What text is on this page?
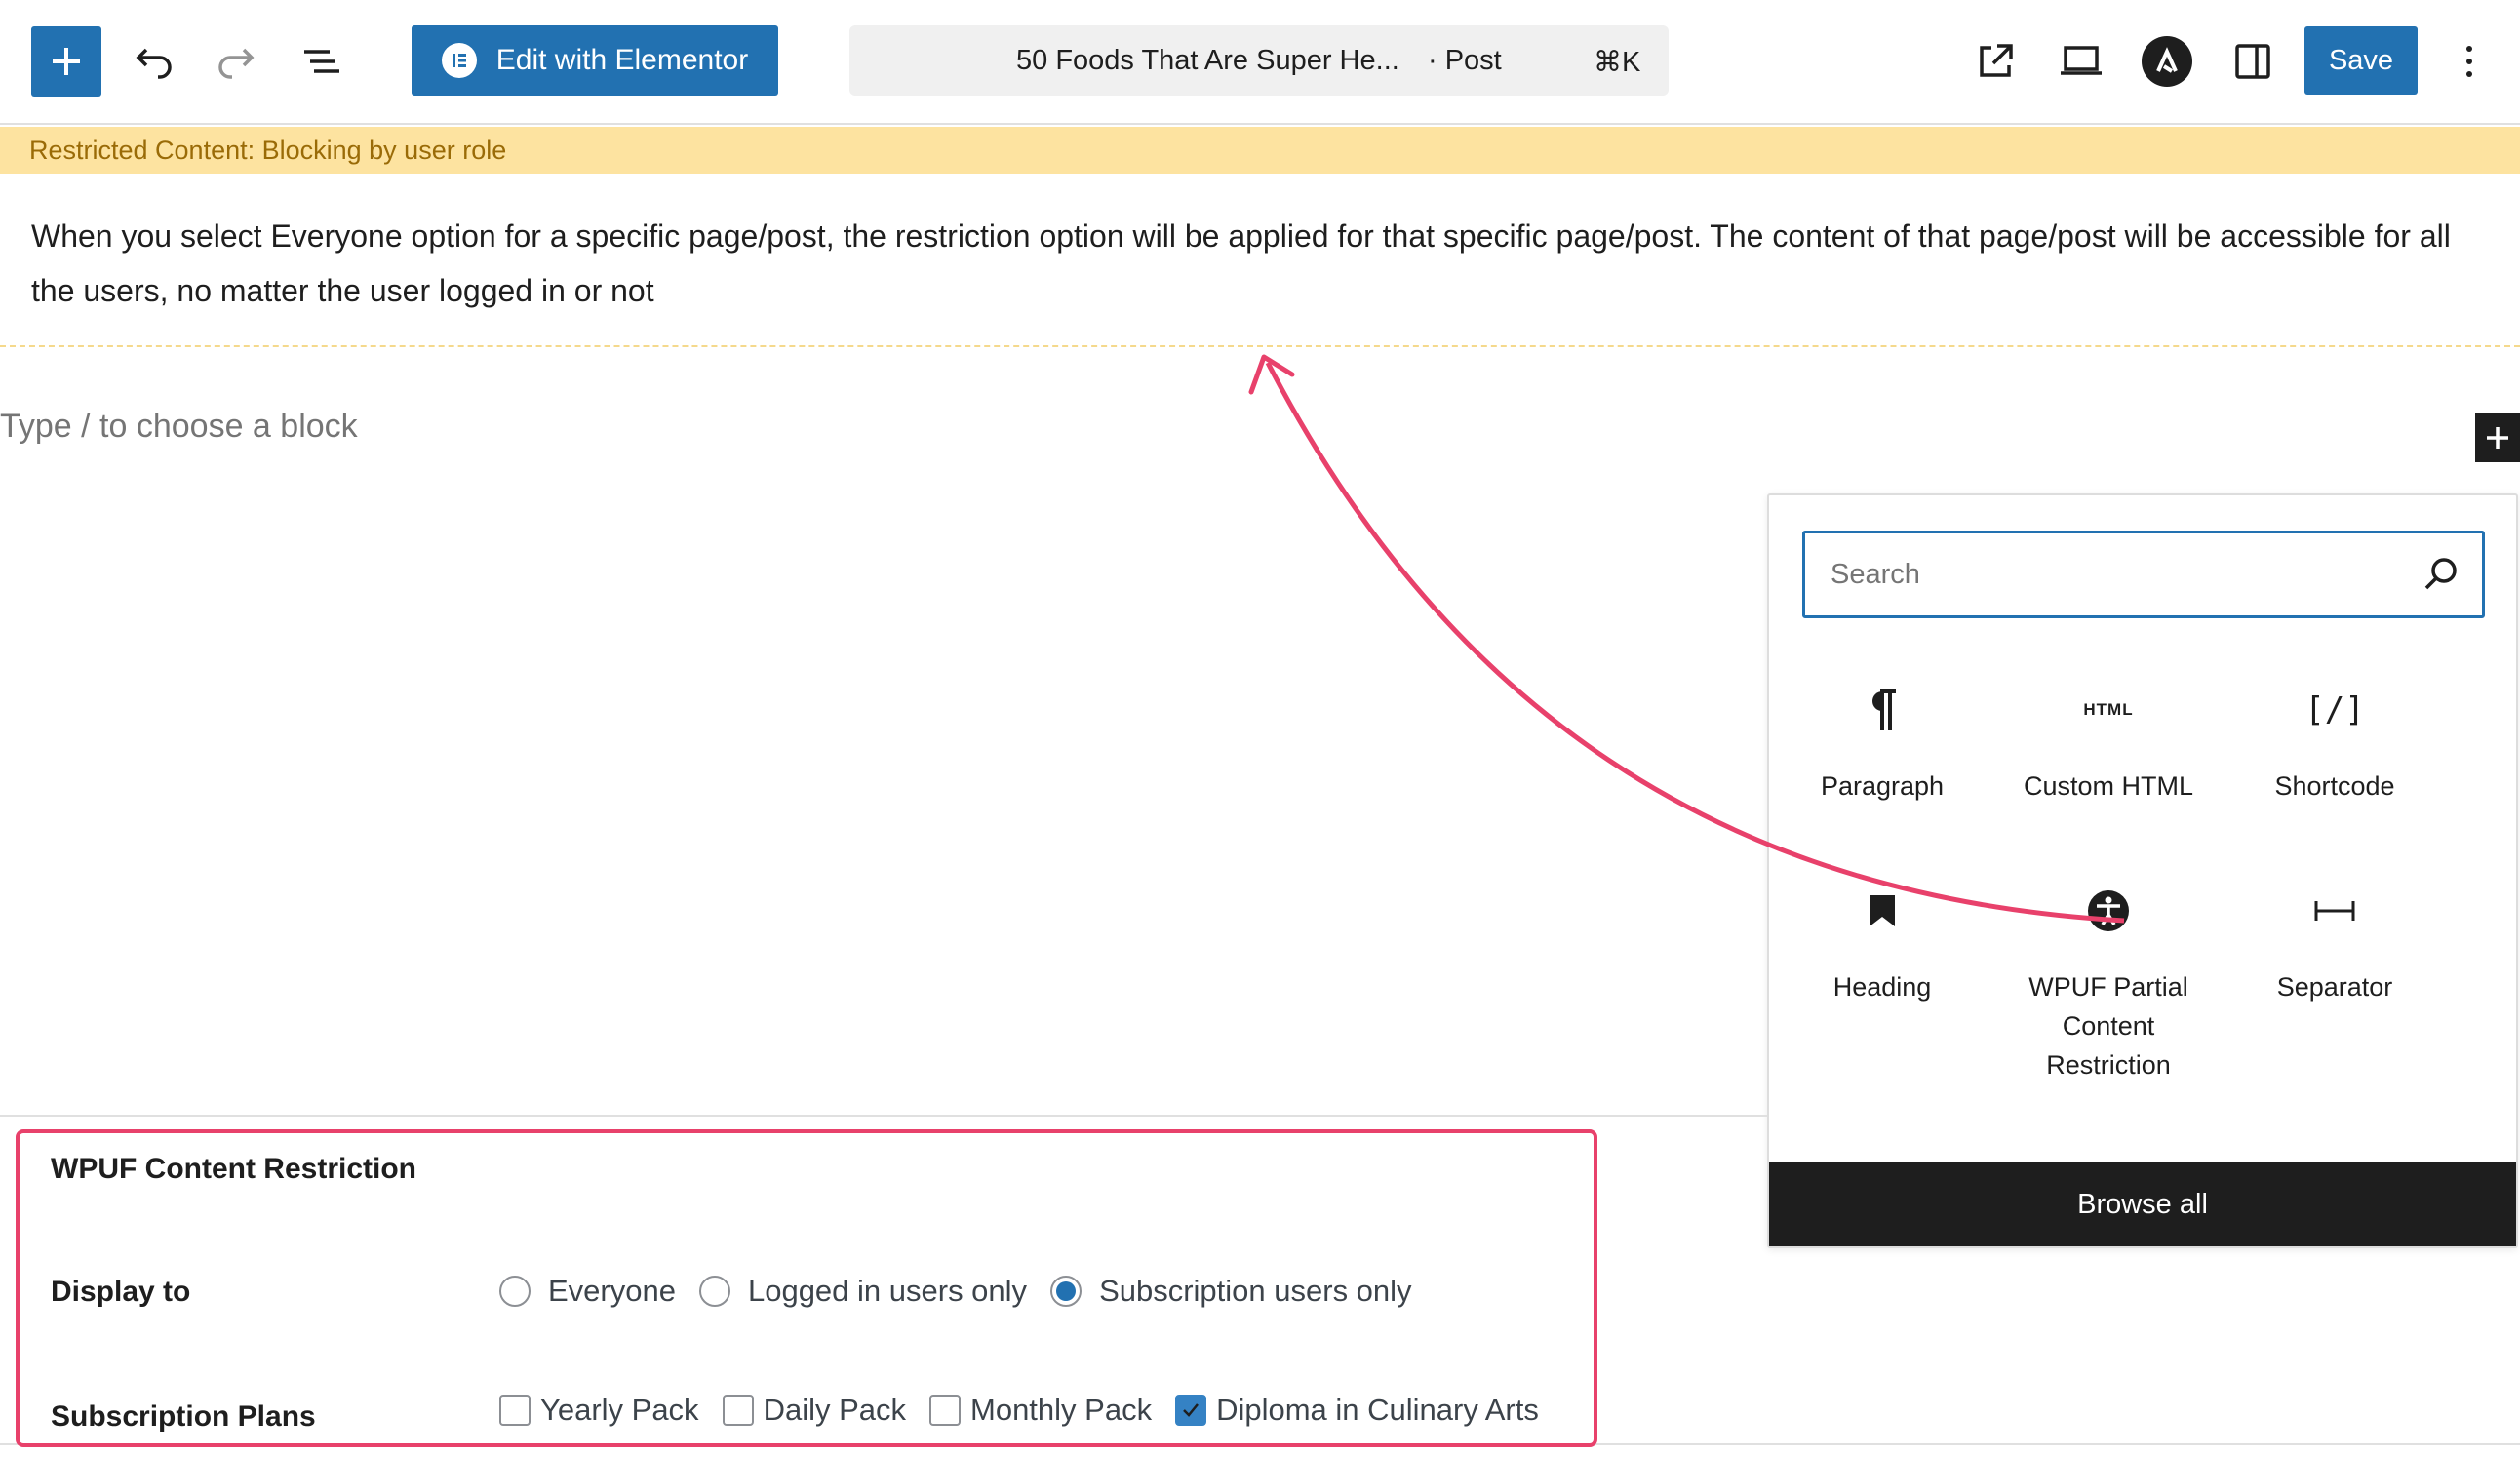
Edit with Elementor	50 Foods That Are Super He... · Post	⌘K	Save
Restricted Content: Blocking by user role
When you select Everyone option for a specific page/post, the restriction option will be applied for that specific page/post. The content of that page/post will be accessible for all the users, no matter the user logged in or not
Type / to choose a block
Search
Paragraph
HTML
Custom HTML
[/]
Shortcode
Heading	WPUF Partial Content Restriction
Separator
Browse all
WPUF Content Restriction
Display to	Everyone Logged in users only Subscription users only
Subscription Plans	Yearly Pack Daily Pack Monthly Pack Diploma in Culinary Arts
